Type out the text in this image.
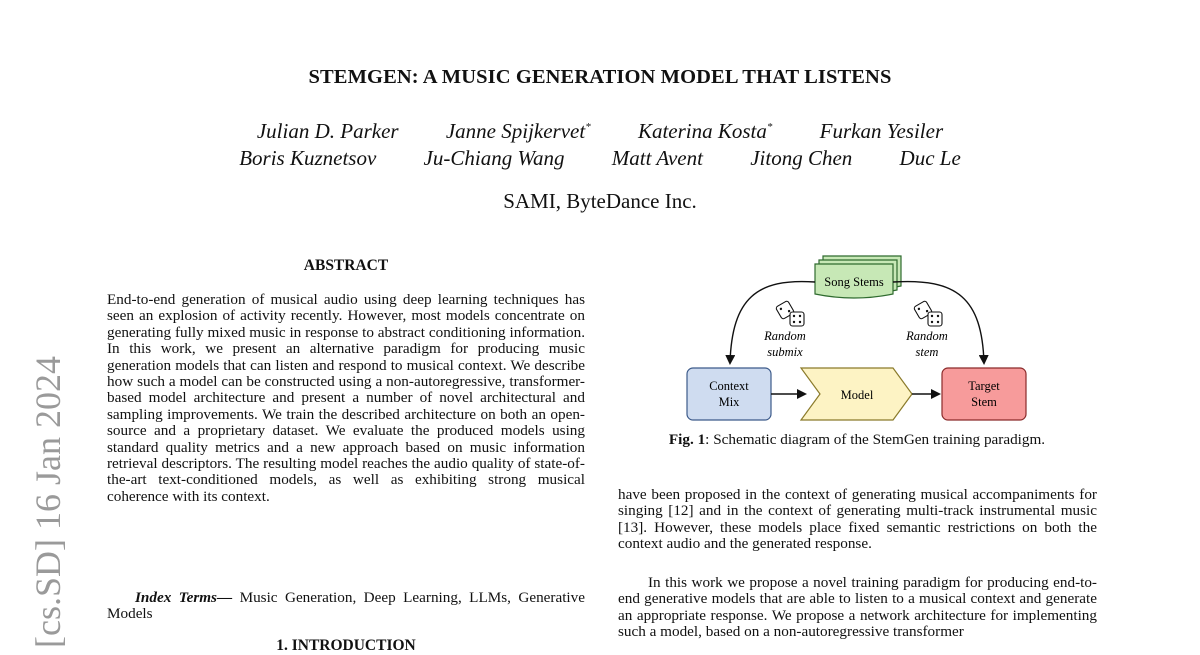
STEMGEN: A MUSIC GENERATION MODEL THAT LISTENS
Julian D. Parker Janne Spijkervet* Katerina Kosta* Furkan Yesiler
Boris Kuznetsov Ju-Chiang Wang Matt Avent Jitong Chen Duc Le
SAMI, ByteDance Inc.
[cs.SD] 16 Jan 2024
ABSTRACT
End-to-end generation of musical audio using deep learning techniques has seen an explosion of activity recently. However, most models concentrate on generating fully mixed music in response to abstract conditioning information. In this work, we present an alternative paradigm for producing music generation models that can listen and respond to musical context. We describe how such a model can be constructed using a non-autoregressive, transformer-based model architecture and present a number of novel architectural and sampling improvements. We train the described architecture on both an open-source and a proprietary dataset. We evaluate the produced models using standard quality metrics and a new approach based on music information retrieval descriptors. The resulting model reaches the audio quality of state-of-the-art text-conditioned models, as well as exhibiting strong musical coherence with its context.
Index Terms— Music Generation, Deep Learning, LLMs, Generative Models
1. INTRODUCTION
Song Stems
Random
submix
Random
stem
Context
Mix	Model
Target
Stem
Fig. 1: Schematic diagram of the StemGen training paradigm.
have been proposed in the context of generating musical accompaniments for singing [12] and in the context of generating multi-track instrumental music [13]. However, these models place fixed semantic restrictions on both the context audio and the generated response.
In this work we propose a novel training paradigm for producing end-to-end generative models that are able to listen to a musical context and generate an appropriate response. We propose a network architecture for implementing such a model, based on a non-autoregressive transformer
